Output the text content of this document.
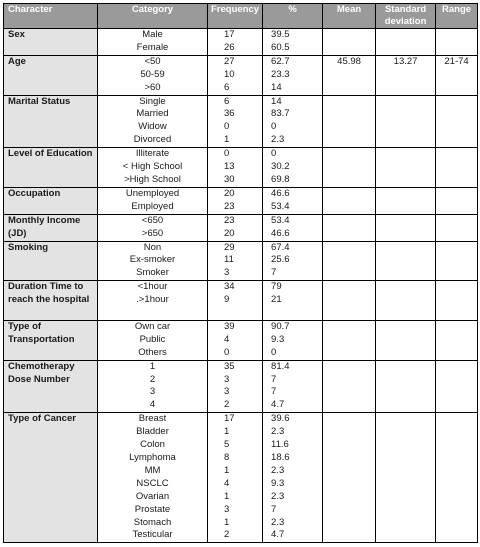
Character	Category	Frequency	%	Mean	Standard deviation	Range
Sex	Male	17	39.5			
	Female	26	60.5			
Age	<50	27	62.7	45.98	13.27	21-74
	50-59	10	23.3			
	>60	6	14			
Marital Status	Single	6	14			
	Married	36	83.7			
	Widow	0	0			
	Divorced	1	2.3			
Level of Education	Illiterate	0	0			
	< High School	13	30.2			
	>High School	30	69.8			
Occupation	Unemployed	20	46.6			
	Employed	23	53.4			
Monthly Income (JD)	<650	23	53.4			
	>650	20	46.6			
Smoking	Non	29	67.4			
	Ex-smoker	11	25.6			
	Smoker	3	7			
Duration Time to reach the hospital	<1hour	34	79			
	.>1hour	9	21			

Type of Transportation	Own car	39	90.7			
	Public	4	9.3			
	Others	0	0			
Chemotherapy Dose Number	1	35	81.4			
	2	3	7			
	3	3	7			
	4	2	4.7			
Type of Cancer	Breast	17	39.6			
	Bladder	1	2.3			
	Colon	5	11.6			
	Lymphoma	8	18.6			
	MM	1	2.3			
	NSCLC	4	9.3			
	Ovarian	1	2.3			
	Prostate	3	7			
	Stomach	1	2.3			
	Testicular	2	4.7			
